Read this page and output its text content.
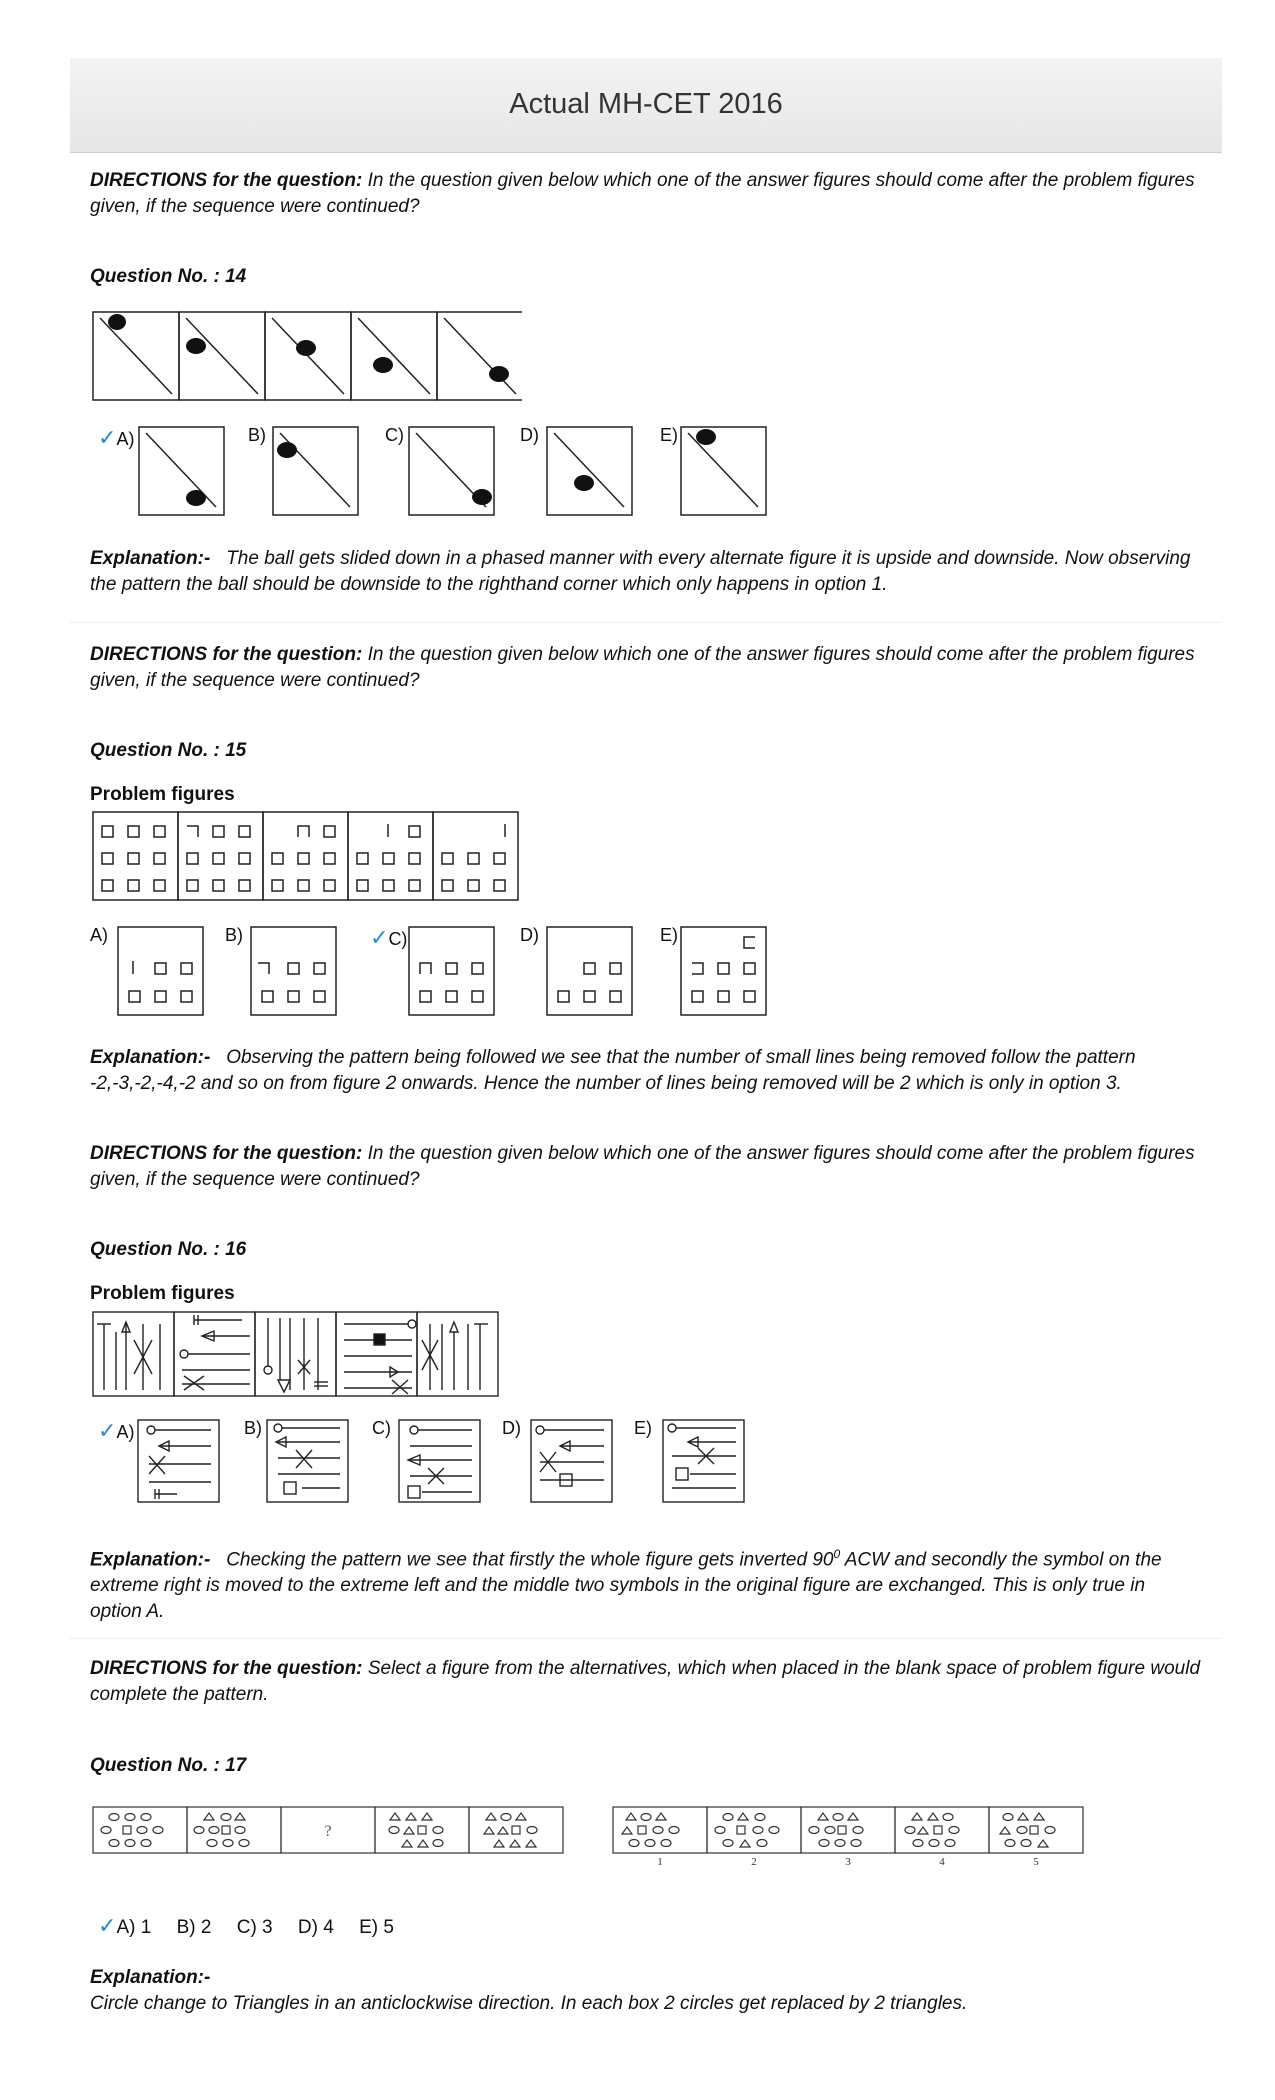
Actual MH-CET 2016
DIRECTIONS for the question: In the question given below which one of the answer figures should come after the problem figures given, if the sequence were continued?
Question No. : 14
✓A)	B)	C)	D)	E)
Explanation:- The ball gets slided down in a phased manner with every alternate figure it is upside and downside. Now observing the pattern the ball should be downside to the righthand corner which only happens in option 1.
DIRECTIONS for the question: In the question given below which one of the answer figures should come after the problem figures given, if the sequence were continued?
Question No. : 15
Problem figures
A)	B)	✓C)	D)	E)
Explanation:- Observing the pattern being followed we see that the number of small lines being removed follow the pattern -2,-3,-2,-4,-2 and so on from figure 2 onwards. Hence the number of lines being removed will be 2 which is only in option 3.
DIRECTIONS for the question: In the question given below which one of the answer figures should come after the problem figures given, if the sequence were continued?
Question No. : 16
Problem figures
✓A)	B)	C)	D)	E)
Explanation:- Checking the pattern we see that firstly the whole figure gets inverted $90^0$ ACW and secondly the symbol on the extreme right is moved to the extreme left and the middle two symbols in the original figure are exchanged. This is only true in option A.
DIRECTIONS for the question: Select a figure from the alternatives, which when placed in the blank space of problem figure would complete the pattern.
Question No. : 17
?
1	2	3	4	5
✓A) 1 B) 2 C) 3 D) 4 E) 5
Explanation:-
Circle change to Triangles in an anticlockwise direction. In each box 2 circles get replaced by 2 triangles.
